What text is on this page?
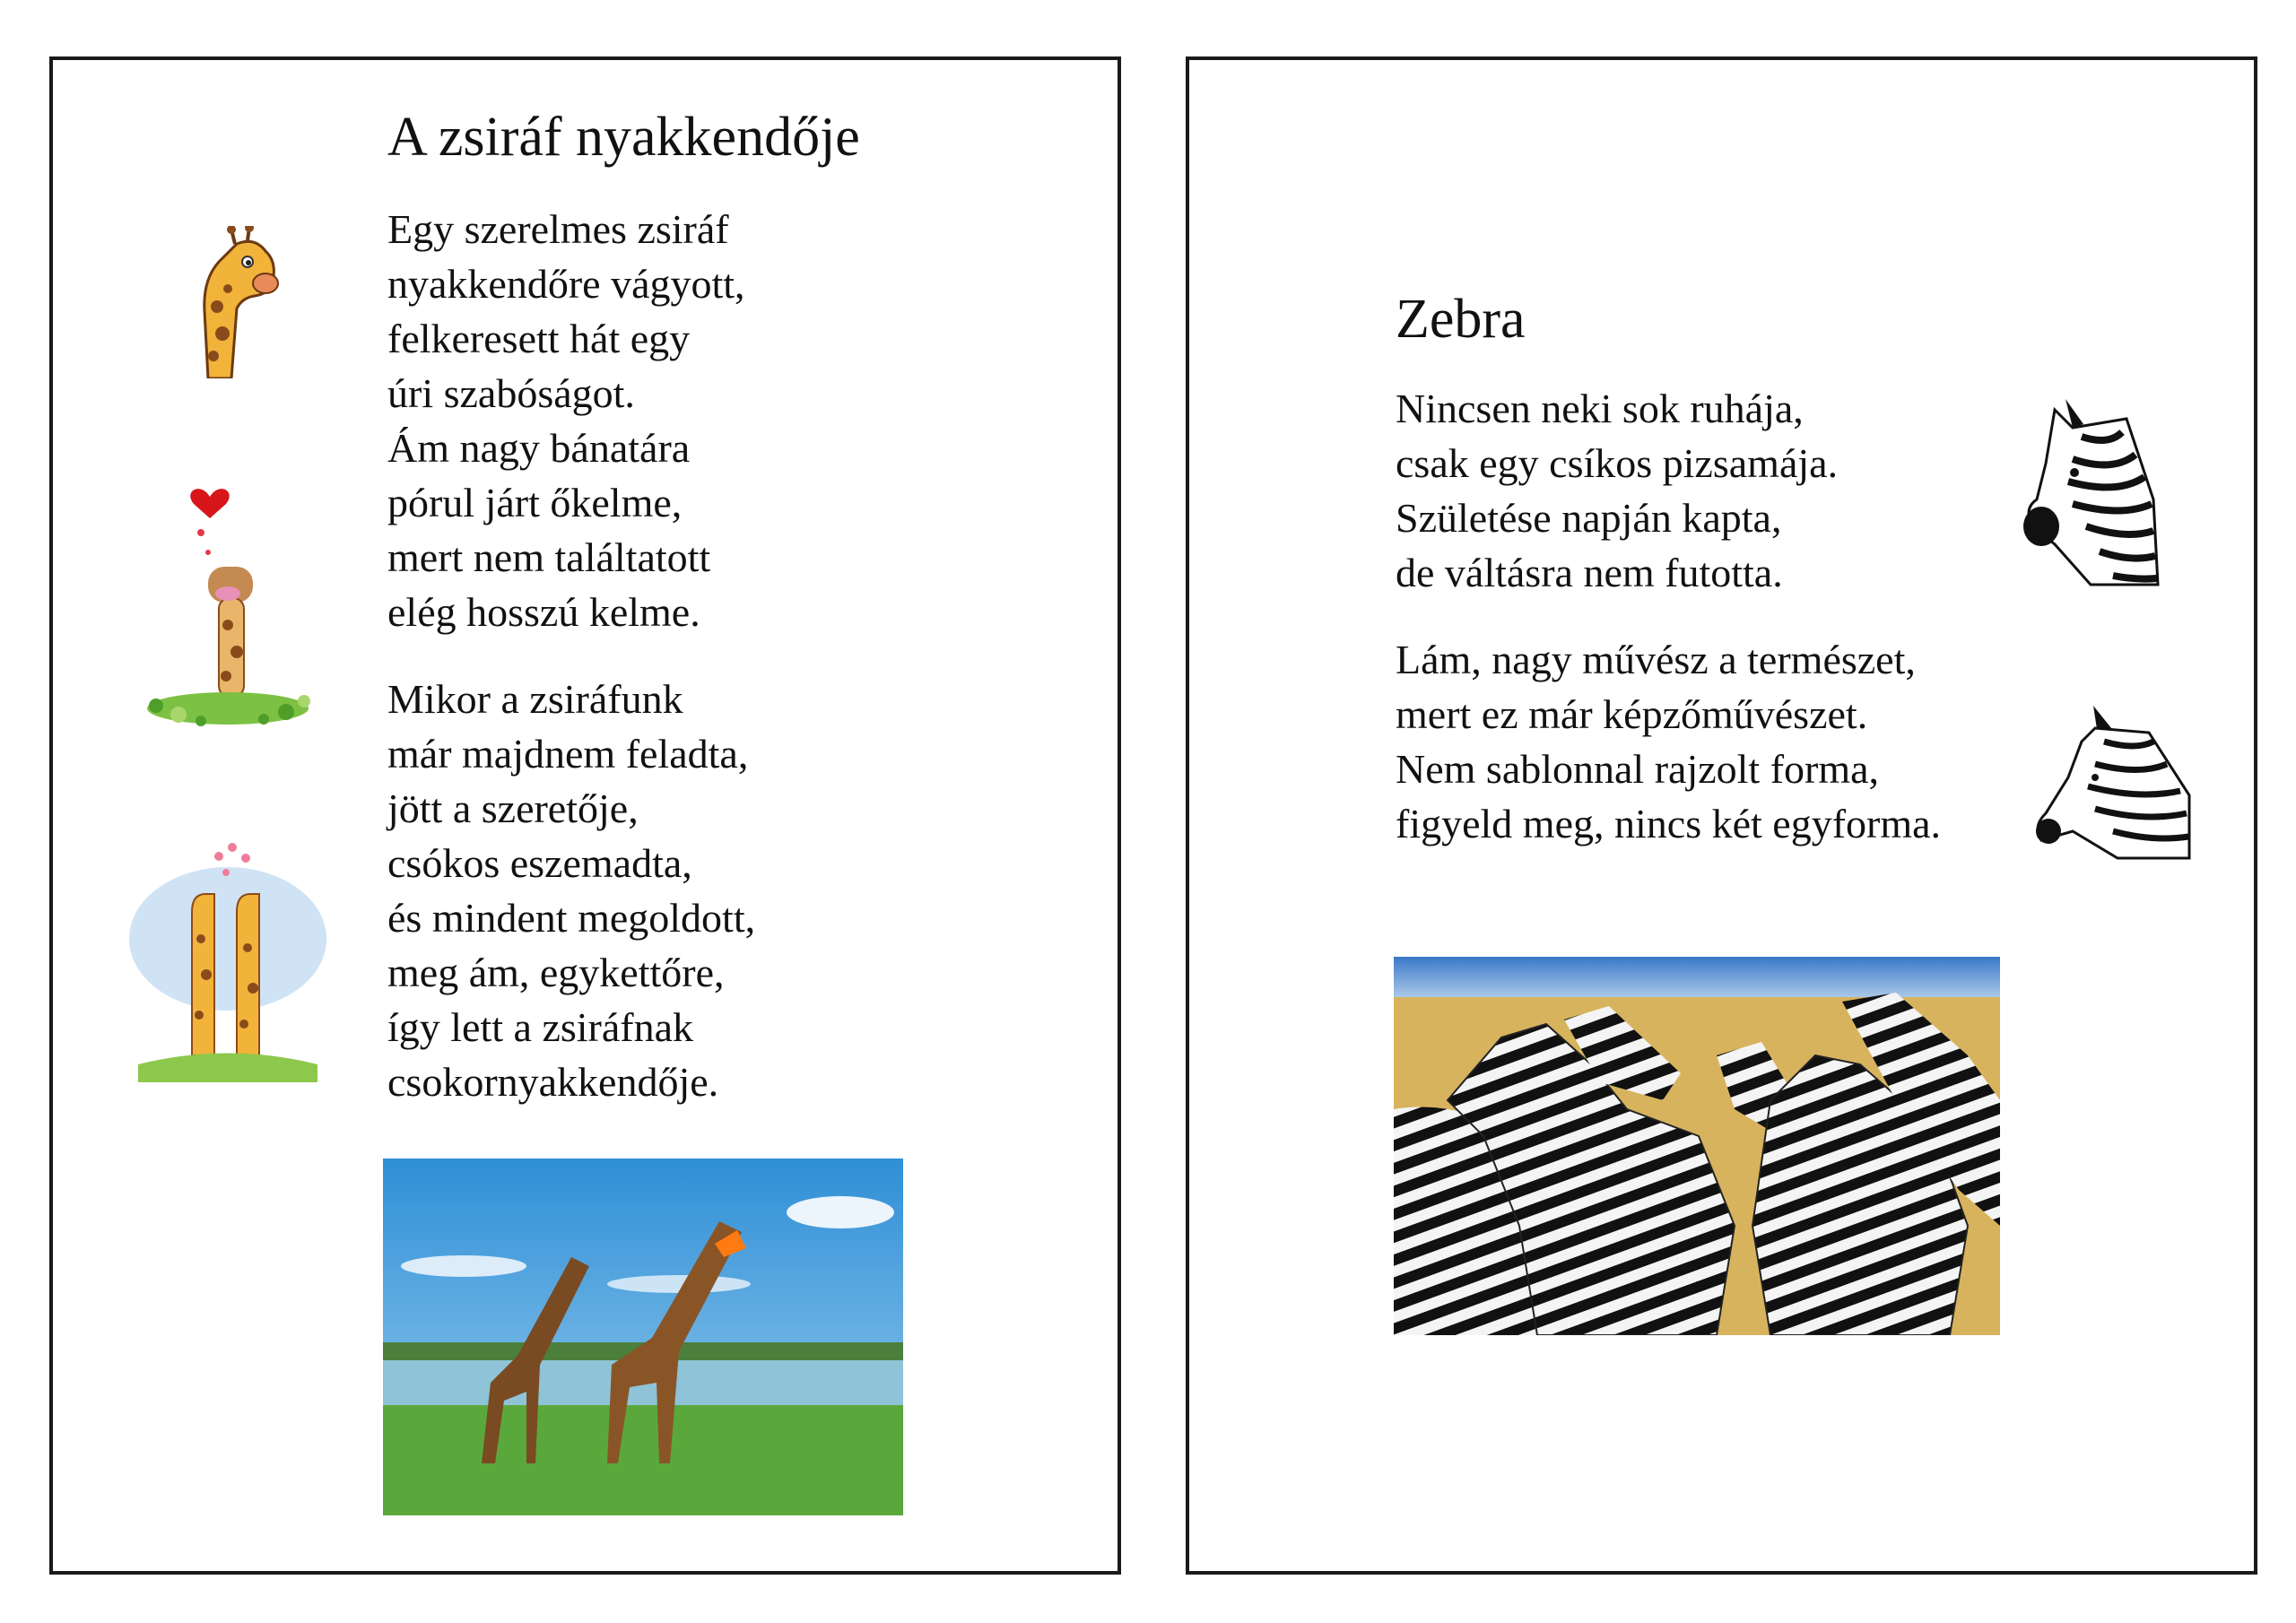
A zsiráf nyakkendője
Egy szerelmes zsiráf
nyakkendőre vágyott,
felkeresett hát egy
úri szabóságot.
Ám nagy bánatára
pórul járt őkelme,
mert nem találtatott
elég hosszú kelme.
Mikor a zsiráfunk
már majdnem feladta,
jött a szeretője,
csókos eszemadta,
és mindent megoldott,
meg ám, egykettőre,
így lett a zsiráfnak
csokornyakkendője.
Zebra
Nincsen neki sok ruhája,
csak egy csíkos pizsamája.
Születése napján kapta,
de váltásra nem futotta.
Lám, nagy művész a természet,
mert ez már képzőművészet.
Nem sablonnal rajzolt forma,
figyeld meg, nincs két egyforma.
